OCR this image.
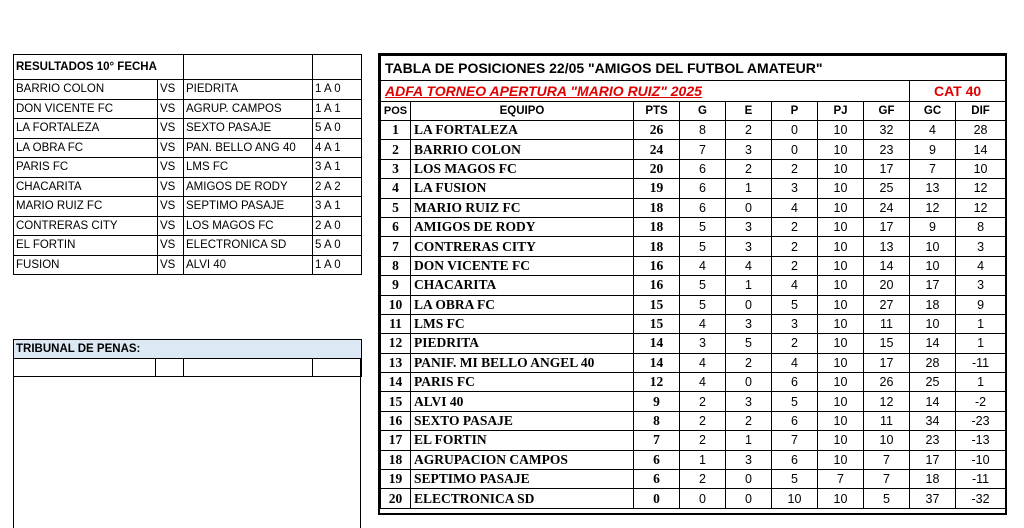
RESULTADOS 10° FECHA			
BARRIO COLON	VS	PIEDRITA	1 A 0
DON VICENTE FC	VS	AGRUP. CAMPOS	1 A 1
LA FORTALEZA	VS	SEXTO PASAJE	5 A 0
LA OBRA FC	VS	PAN. BELLO ANG 40	4 A 1
PARIS FC	VS	LMS FC	3 A 1
CHACARITA	VS	AMIGOS DE RODY	2 A 2
MARIO RUIZ FC	VS	SEPTIMO PASAJE	3 A 1
CONTRERAS CITY	VS	LOS MAGOS FC	2 A 0
EL FORTIN	VS	ELECTRONICA SD	5 A 0
FUSION	VS	ALVI 40	1 A 0
TRIBUNAL DE PENAS:

TABLA DE POSICIONES 22/05 "AMIGOS DEL FUTBOL AMATEUR"									
ADFA TORNEO APERTURA "MARIO RUIZ" 2025								CAT 40	
POS	EQUIPO	PTS	G	E	P	PJ	GF	GC	DIF
1	LA FORTALEZA	26	8	2	0	10	32	4	28
2	BARRIO COLON	24	7	3	0	10	23	9	14
3	LOS MAGOS FC	20	6	2	2	10	17	7	10
4	LA FUSION	19	6	1	3	10	25	13	12
5	MARIO RUIZ FC	18	6	0	4	10	24	12	12
6	AMIGOS DE RODY	18	5	3	2	10	17	9	8
7	CONTRERAS CITY	18	5	3	2	10	13	10	3
8	DON VICENTE FC	16	4	4	2	10	14	10	4
9	CHACARITA	16	5	1	4	10	20	17	3
10	LA OBRA FC	15	5	0	5	10	27	18	9
11	LMS FC	15	4	3	3	10	11	10	1
12	PIEDRITA	14	3	5	2	10	15	14	1
13	PANIF. MI BELLO ANGEL 40	14	4	2	4	10	17	28	-11
14	PARIS FC	12	4	0	6	10	26	25	1
15	ALVI 40	9	2	3	5	10	12	14	-2
16	SEXTO PASAJE	8	2	2	6	10	11	34	-23
17	EL FORTIN	7	2	1	7	10	10	23	-13
18	AGRUPACION CAMPOS	6	1	3	6	10	7	17	-10
19	SEPTIMO PASAJE	6	2	0	5	7	7	18	-11
20	ELECTRONICA SD	0	0	0	10	10	5	37	-32
